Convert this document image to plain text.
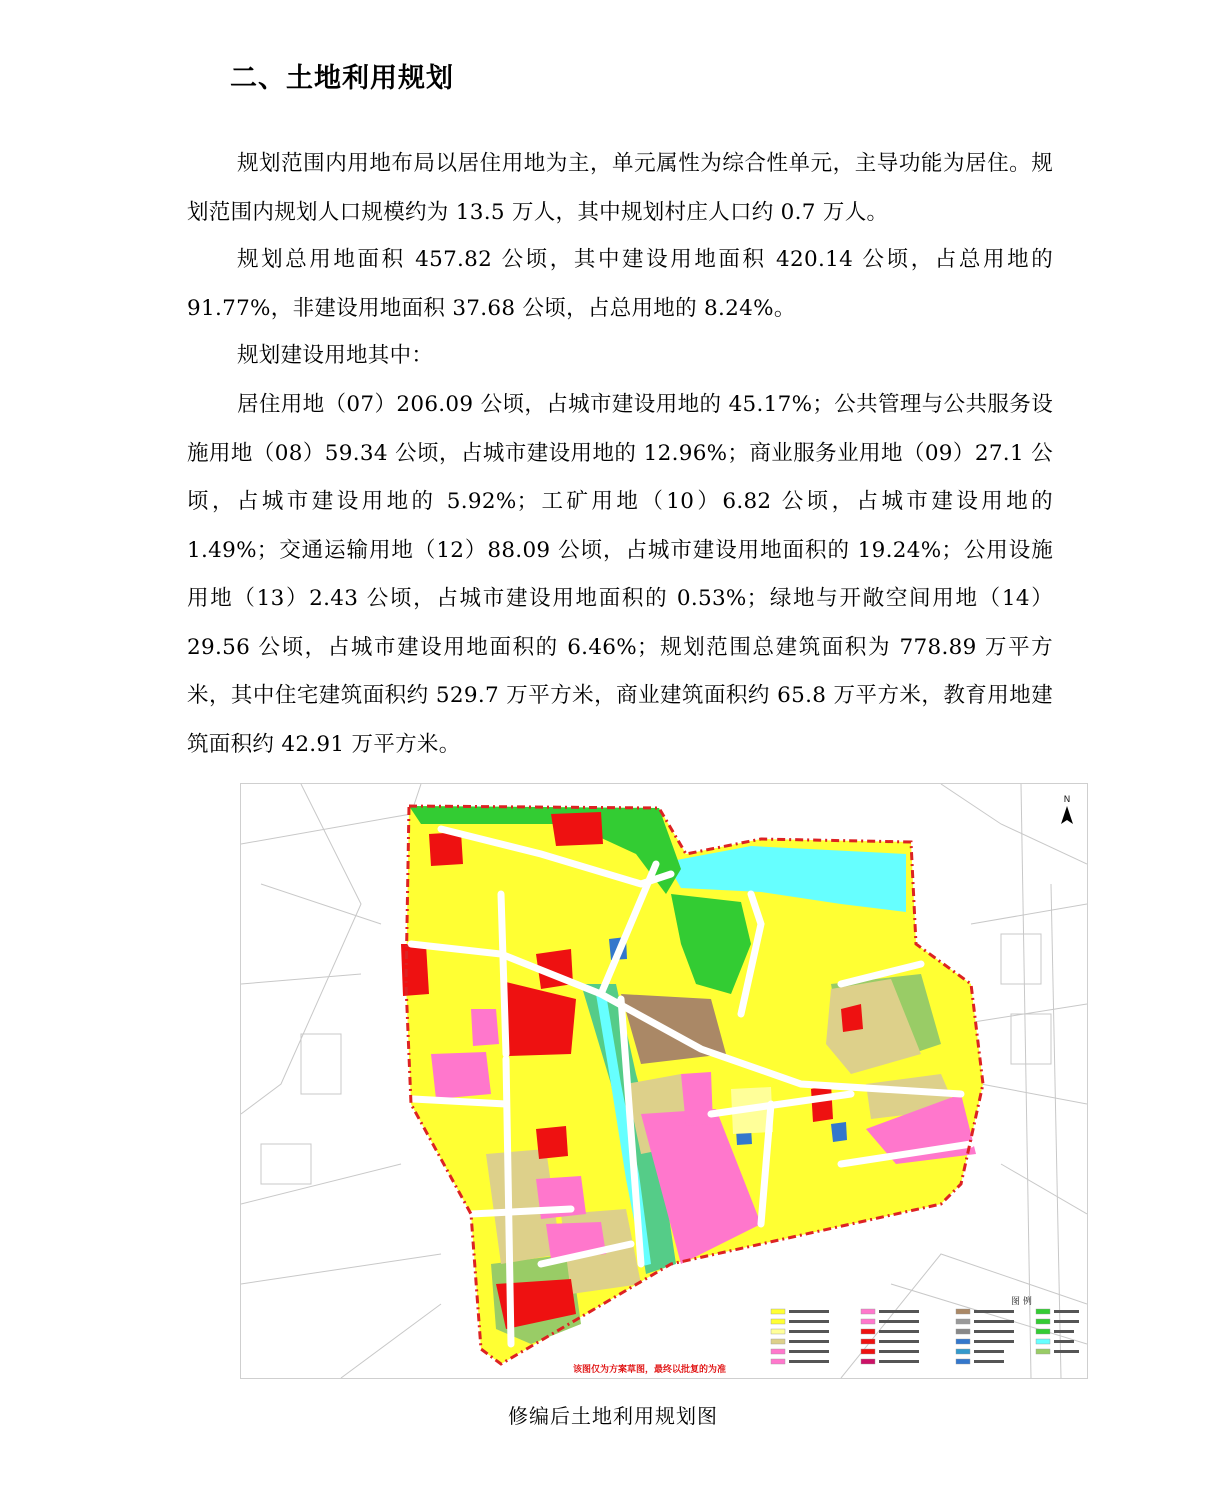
二、土地利用规划
规划范围内用地布局以居住用地为主，单元属性为综合性单元，主导功能为居住。规划范围内规划人口规模约为 13.5 万人，其中规划村庄人口约 0.7 万人。
规划总用地面积 457.82 公顷，其中建设用地面积 420.14 公顷，占总用地的 91.77%，非建设用地面积 37.68 公顷，占总用地的 8.24%。
规划建设用地其中：
居住用地（07）206.09 公顷，占城市建设用地的 45.17%；公共管理与公共服务设施用地（08）59.34 公顷，占城市建设用地的 12.96%；商业服务业用地（09）27.1 公顷，占城市建设用地的 5.92%；工矿用地（10）6.82 公顷，占城市建设用地的 1.49%；交通运输用地（12）88.09 公顷，占城市建设用地面积的 19.24%；公用设施用地（13）2.43 公顷，占城市建设用地面积的 0.53%；绿地与开敞空间用地（14）29.56 公顷，占城市建设用地面积的 6.46%；规划范围总建筑面积为 778.89 万平方米，其中住宅建筑面积约 529.7 万平方米，商业建筑面积约 65.8 万平方米，教育用地建筑面积约 42.91 万平方米。
N
图 例
该图仅为方案草图，最终以批复的为准
修编后土地利用规划图
